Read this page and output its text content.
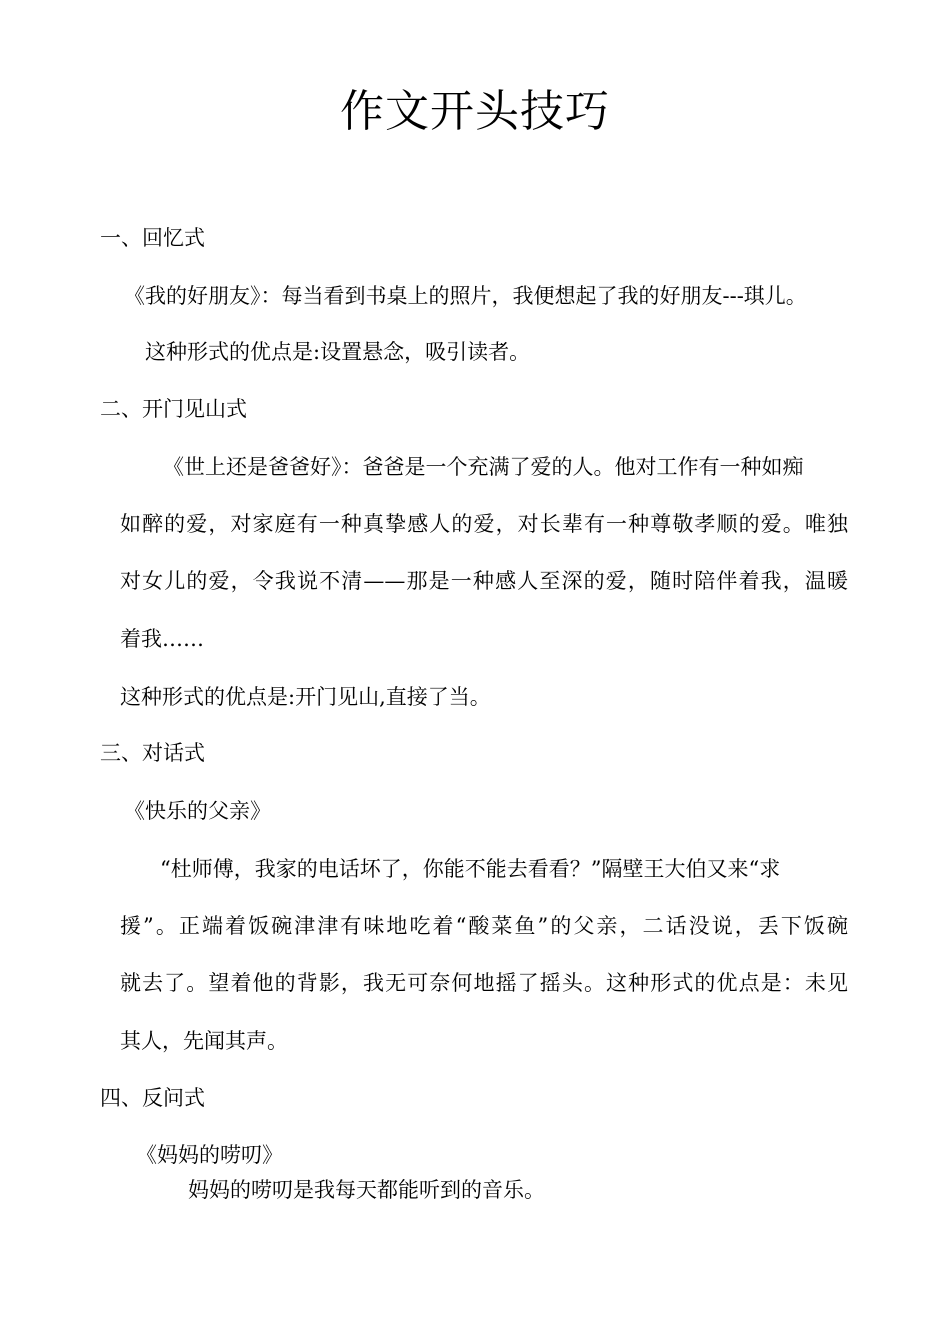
作文开头技巧
一、回忆式
《我的好朋友》：每当看到书桌上的照片，我便想起了我的好朋友---琪儿。
这种形式的优点是:设置悬念，吸引读者。
二、开门见山式
《世上还是爸爸好》：爸爸是一个充满了爱的人。他对工作有一种如痴
如醉的爱，对家庭有一种真挚感人的爱，对长辈有一种尊敬孝顺的爱。唯独
对女儿的爱，令我说不清——那是一种感人至深的爱，随时陪伴着我，温暖
着我……
这种形式的优点是:开门见山,直接了当。
三、对话式
《快乐的父亲》
“杜师傅，我家的电话坏了，你能不能去看看？”隔壁王大伯又来“求
援”。正端着饭碗津津有味地吃着“酸菜鱼”的父亲，二话没说，丢下饭碗
就去了。望着他的背影，我无可奈何地摇了摇头。这种形式的优点是：未见
其人，先闻其声。
四、反问式
《妈妈的唠叨》
妈妈的唠叨是我每天都能听到的音乐。
